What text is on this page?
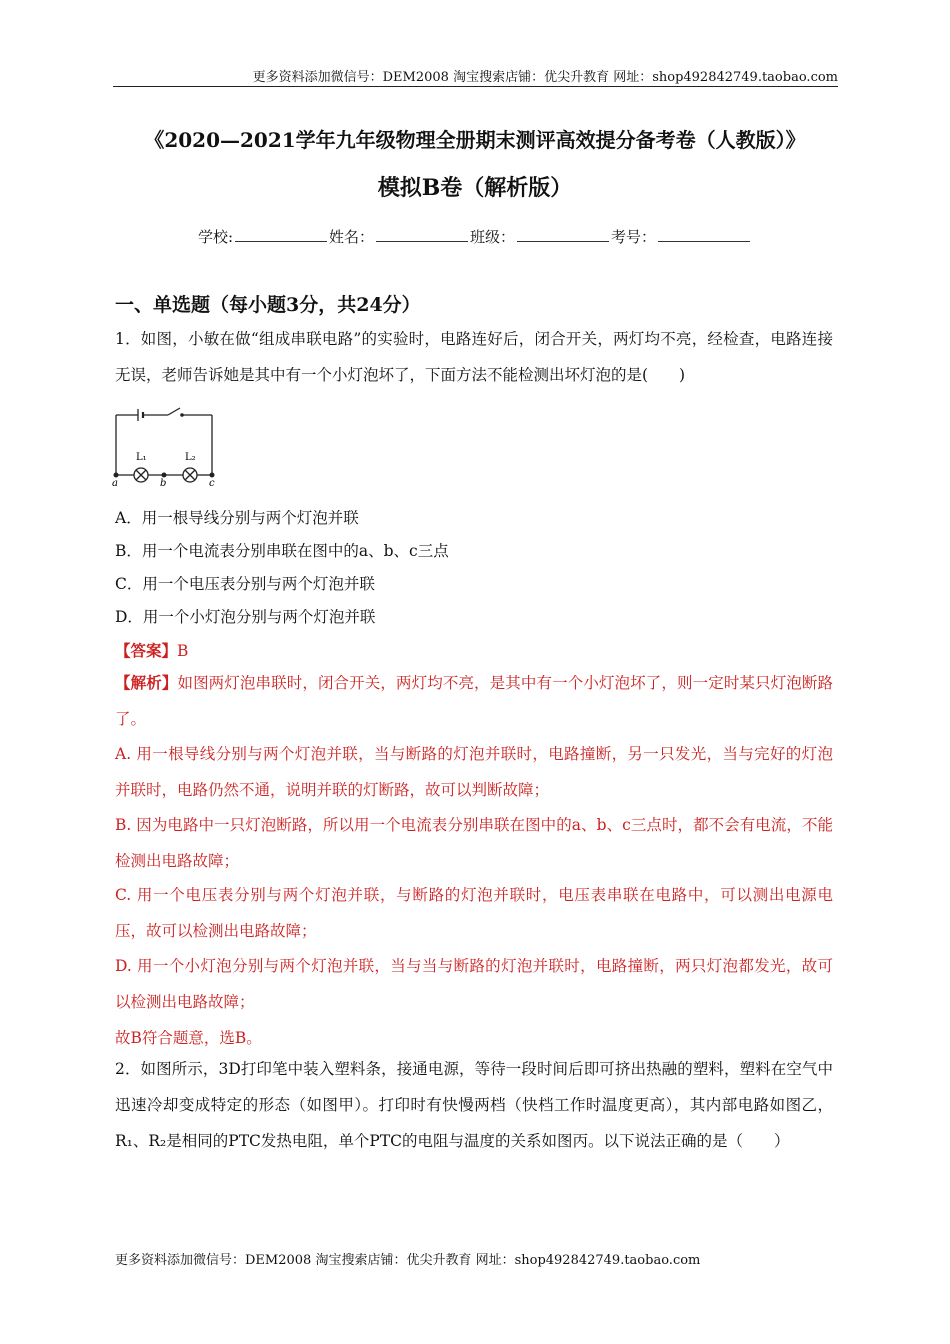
更多资料添加微信号：DEM2008 淘宝搜索店铺：优尖升教育 网址：shop492842749.taobao.com
《2020—2021学年九年级物理全册期末测评高效提分备考卷（人教版）》
模拟B卷（解析版）
学校:	姓名：	班级：	考号：
一、单选题（每小题3分，共24分）
1．如图，小敏在做“组成串联电路”的实验时，电路连好后，闭合开关，两灯均不亮，经检查，电路连接无误，老师告诉她是其中有一个小灯泡坏了，下面方法不能检测出坏灯泡的是(　　)
L₁	L₂
a	b	c
A．用一根导线分别与两个灯泡并联
B．用一个电流表分别串联在图中的a、b、c三点
C．用一个电压表分别与两个灯泡并联
D．用一个小灯泡分别与两个灯泡并联
【答案】B
【解析】如图两灯泡串联时，闭合开关，两灯均不亮，是其中有一个小灯泡坏了，则一定时某只灯泡断路了。
A. 用一根导线分别与两个灯泡并联，当与断路的灯泡并联时，电路撞断，另一只发光，当与完好的灯泡并联时，电路仍然不通，说明并联的灯断路，故可以判断故障；
B. 因为电路中一只灯泡断路，所以用一个电流表分别串联在图中的a、b、c三点时，都不会有电流，不能检测出电路故障；
C. 用一个电压表分别与两个灯泡并联，与断路的灯泡并联时，电压表串联在电路中，可以测出电源电压，故可以检测出电路故障；
D. 用一个小灯泡分别与两个灯泡并联，当与当与断路的灯泡并联时，电路撞断，两只灯泡都发光，故可以检测出电路故障；
故B符合题意，选B。
2．如图所示，3D打印笔中装入塑料条，接通电源，等待一段时间后即可挤出热融的塑料，塑料在空气中迅速冷却变成特定的形态（如图甲）。打印时有快慢两档（快档工作时温度更高），其内部电路如图乙，R₁、R₂是相同的PTC发热电阻，单个PTC的电阻与温度的关系如图丙。以下说法正确的是（　　）
更多资料添加微信号：DEM2008 淘宝搜索店铺：优尖升教育 网址：shop492842749.taobao.com
